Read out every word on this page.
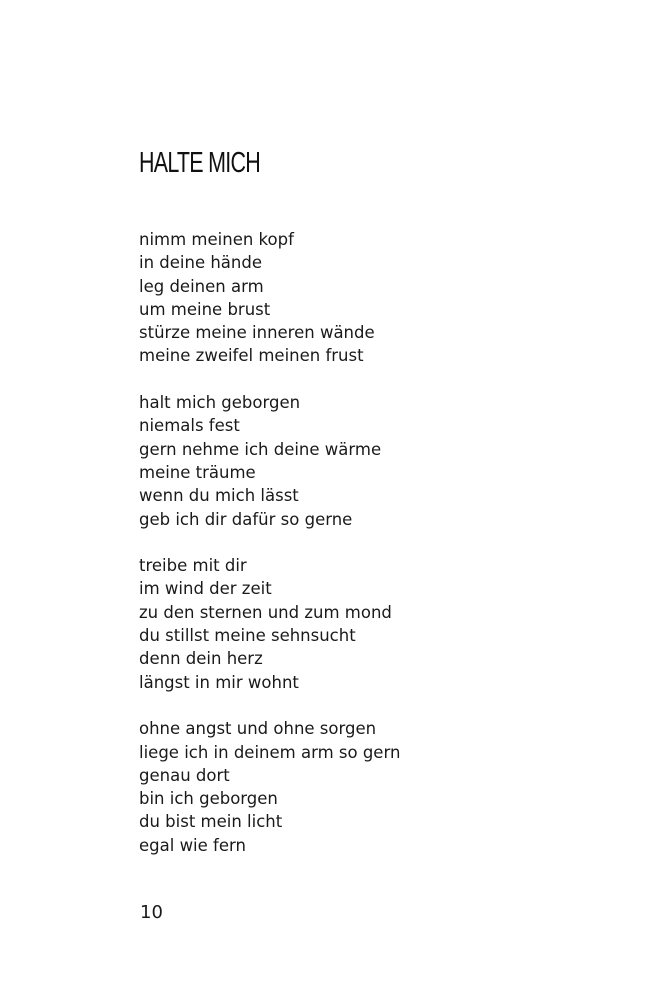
HALTE MICH
nimm meinen kopf
in deine hände
leg deinen arm
um meine brust
stürze meine inneren wände
meine zweifel meinen frust
halt mich geborgen
niemals fest
gern nehme ich deine wärme
meine träume
wenn du mich lässt
geb ich dir dafür so gerne
treibe mit dir
im wind der zeit
zu den sternen und zum mond
du stillst meine sehnsucht
denn dein herz
längst in mir wohnt
ohne angst und ohne sorgen
liege ich in deinem arm so gern
genau dort
bin ich geborgen
du bist mein licht
egal wie fern
10
